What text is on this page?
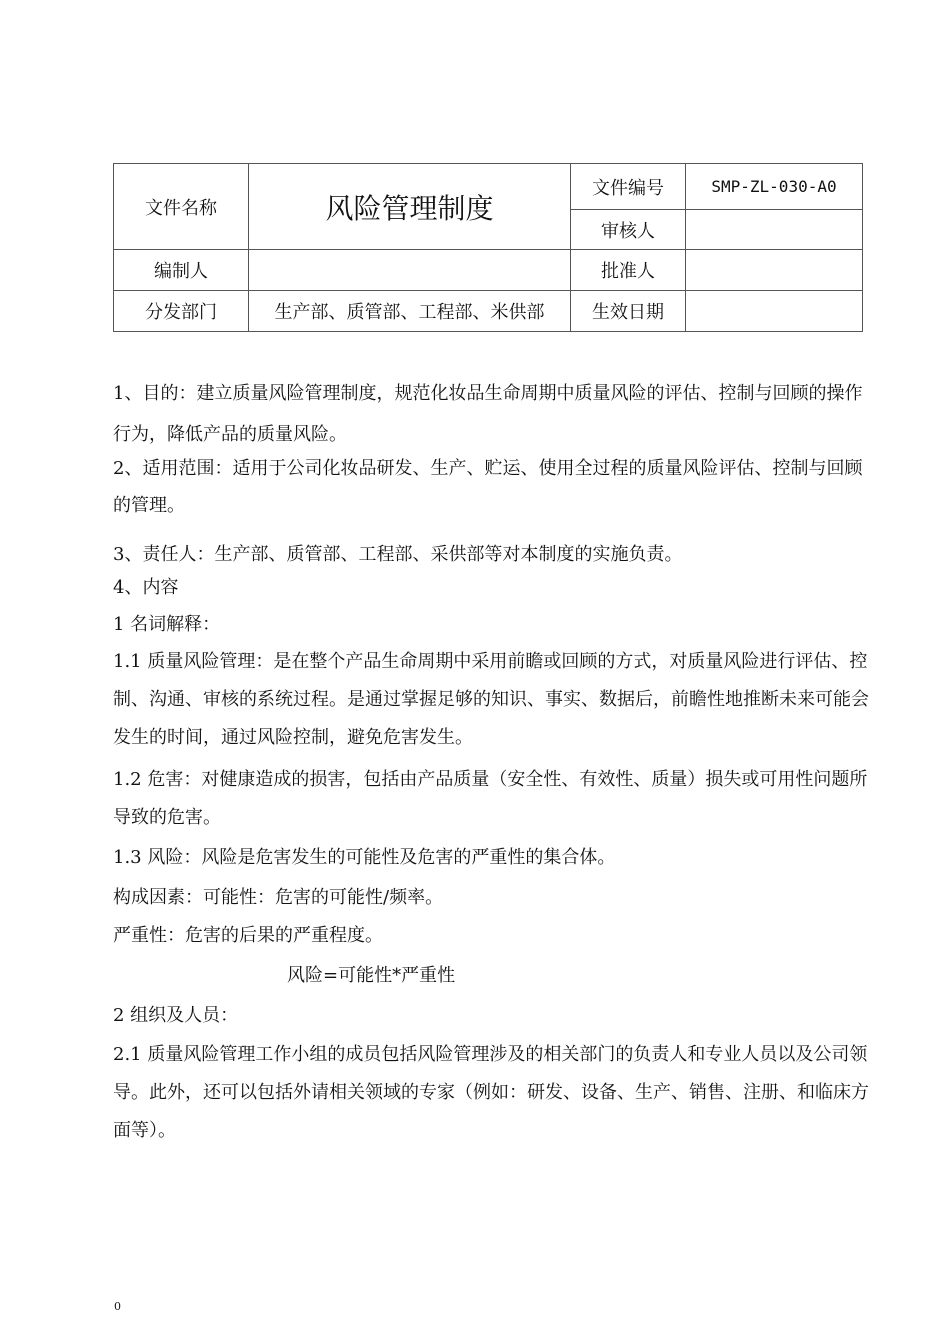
文件名称	风险管理制度	文件编号	SMP-ZL-030-A0
		审核人	
编制人		批准人	
分发部门	生产部、质管部、工程部、米供部	生效日期	

1、目的：建立质量风险管理制度，规范化妆品生命周期中质量风险的评估、控制与回顾的操作行为，降低产品的质量风险。

2、适用范围：适用于公司化妆品研发、生产、贮运、使用全过程的质量风险评估、控制与回顾的管理。

3、责任人：生产部、质管部、工程部、采供部等对本制度的实施负责。

4、内容

1 名词解释：

1.1 质量风险管理：是在整个产品生命周期中采用前瞻或回顾的方式，对质量风险进行评估、控制、沟通、审核的系统过程。是通过掌握足够的知识、事实、数据后，前瞻性地推断未来可能会发生的时间，通过风险控制，避免危害发生。

1.2 危害：对健康造成的损害，包括由产品质量（安全性、有效性、质量）损失或可用性问题所导致的危害。

1.3 风险：风险是危害发生的可能性及危害的严重性的集合体。

构成因素：可能性：危害的可能性/频率。

严重性：危害的后果的严重程度。

风险=可能性*严重性

2 组织及人员：

2.1 质量风险管理工作小组的成员包括风险管理涉及的相关部门的负责人和专业人员以及公司领导。此外，还可以包括外请相关领域的专家（例如：研发、设备、生产、销售、注册、和临床方面等）。

0
